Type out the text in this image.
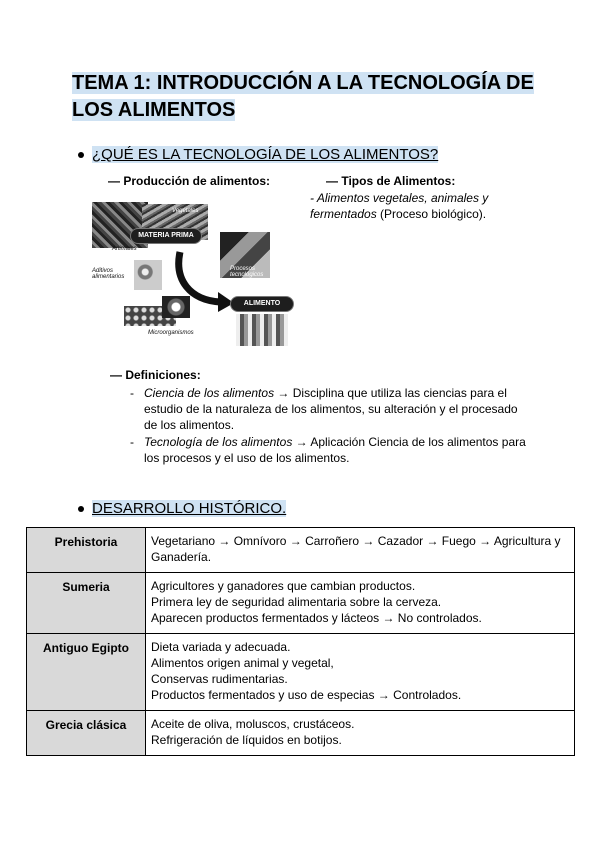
TEMA 1: INTRODUCCIÓN A LA TECNOLOGÍA DE LOS ALIMENTOS
¿QUÉ ES LA TECNOLOGÍA DE LOS ALIMENTOS?
— Producción de alimentos:	— Tipos de Alimentos:
- Alimentos vegetales, animales y fermentados (Proceso biológico).
Vegetales
Animales
MATERIA PRIMA
Aditivos alimentarios
Procesos tecnológicos
ALIMENTO
Microorganismos
— Definiciones:
- Ciencia de los alimentos → Disciplina que utiliza las ciencias para el estudio de la naturaleza de los alimentos, su alteración y el procesado de los alimentos.
- Tecnología de los alimentos → Aplicación Ciencia de los alimentos para los procesos y el uso de los alimentos.
DESARROLLO HISTÓRICO.
Prehistoria	Vegetariano → Omnívoro → Carroñero → Cazador → Fuego → Agricultura y Ganadería.

Sumeria	Agricultores y ganadores que cambian productos.
Primera ley de seguridad alimentaria sobre la cerveza.
Aparecen productos fermentados y lácteos → No controlados.

Antiguo Egipto	Dieta variada y adecuada.
Alimentos origen animal y vegetal,
Conservas rudimentarias.
Productos fermentados y uso de especias → Controlados.

Grecia clásica	Aceite de oliva, moluscos, crustáceos.
Refrigeración de líquidos en botijos.
